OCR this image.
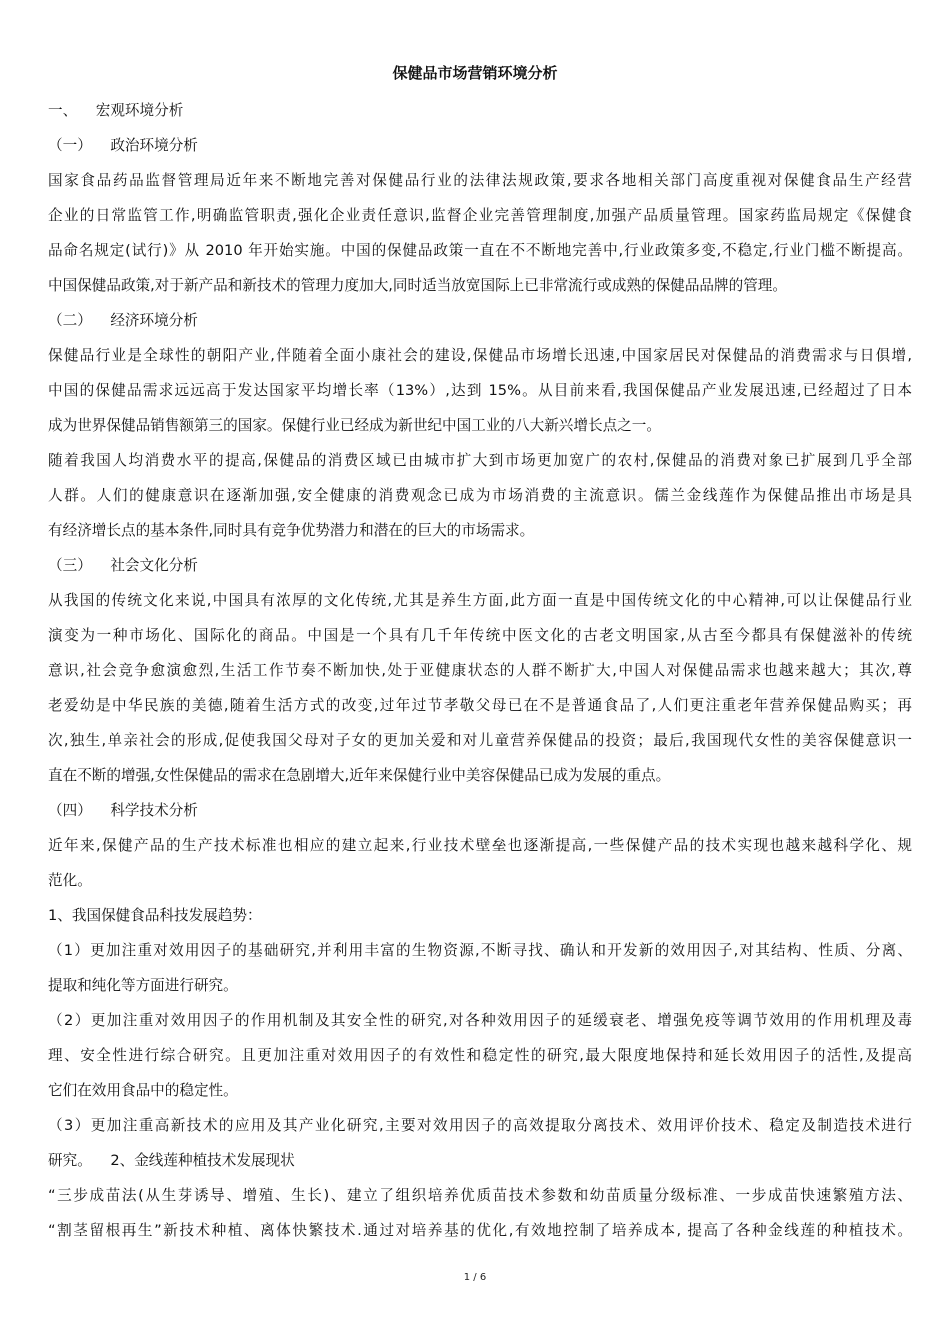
保健品市场营销环境分析
一、    宏观环境分析
（一）    政治环境分析
国家食品药品监督管理局近年来不断地完善对保健品行业的法律法规政策,要求各地相关部门高度重视对保健食品生产经营
企业的日常监管工作,明确监管职责,强化企业责任意识,监督企业完善管理制度,加强产品质量管理。国家药监局规定《保健食
品命名规定(试行)》从 2010 年开始实施。中国的保健品政策一直在不不断地完善中,行业政策多变,不稳定,行业门槛不断提高。
中国保健品政策,对于新产品和新技术的管理力度加大,同时适当放宽国际上已非常流行或成熟的保健品品牌的管理。
（二）    经济环境分析
保健品行业是全球性的朝阳产业,伴随着全面小康社会的建设,保健品市场增长迅速,中国家居民对保健品的消费需求与日俱增,
中国的保健品需求远远高于发达国家平均增长率（13%）,达到 15%。从目前来看,我国保健品产业发展迅速,已经超过了日本
成为世界保健品销售额第三的国家。保健行业已经成为新世纪中国工业的八大新兴增长点之一。
随着我国人均消费水平的提高,保健品的消费区域已由城市扩大到市场更加宽广的农村,保健品的消费对象已扩展到几乎全部
人群。人们的健康意识在逐渐加强,安全健康的消费观念已成为市场消费的主流意识。儒兰金线莲作为保健品推出市场是具
有经济增长点的基本条件,同时具有竞争优势潜力和潜在的巨大的市场需求。
（三）    社会文化分析
从我国的传统文化来说,中国具有浓厚的文化传统,尤其是养生方面,此方面一直是中国传统文化的中心精神,可以让保健品行业
演变为一种市场化、国际化的商品。中国是一个具有几千年传统中医文化的古老文明国家,从古至今都具有保健滋补的传统
意识,社会竞争愈演愈烈,生活工作节奏不断加快,处于亚健康状态的人群不断扩大,中国人对保健品需求也越来越大；其次,尊
老爱幼是中华民族的美德,随着生活方式的改变,过年过节孝敬父母已在不是普通食品了,人们更注重老年营养保健品购买；再
次,独生,单亲社会的形成,促使我国父母对子女的更加关爱和对儿童营养保健品的投资；最后,我国现代女性的美容保健意识一
直在不断的增强,女性保健品的需求在急剧增大,近年来保健行业中美容保健品已成为发展的重点。
（四）    科学技术分析
近年来,保健产品的生产技术标准也相应的建立起来,行业技术壁垒也逐渐提高,一些保健产品的技术实现也越来越科学化、规
范化。
1、我国保健食品科技发展趋势：
（1）更加注重对效用因子的基础研究,并利用丰富的生物资源,不断寻找、确认和开发新的效用因子,对其结构、性质、分离、
提取和纯化等方面进行研究。
（2）更加注重对效用因子的作用机制及其安全性的研究,对各种效用因子的延缓衰老、增强免疫等调节效用的作用机理及毒
理、安全性进行综合研究。且更加注重对效用因子的有效性和稳定性的研究,最大限度地保持和延长效用因子的活性,及提高
它们在效用食品中的稳定性。
（3）更加注重高新技术的应用及其产业化研究,主要对效用因子的高效提取分离技术、效用评价技术、稳定及制造技术进行
研究。    2、金线莲种植技术发展现状
“三步成苗法(从生芽诱导、增殖、生长)、建立了组织培养优质苗技术参数和幼苗质量分级标准、一步成苗快速繁殖方法、
“割茎留根再生”新技术种植、离体快繁技术.通过对培养基的优化,有效地控制了培养成本, 提高了各种金线莲的种植技术。
1 / 6
